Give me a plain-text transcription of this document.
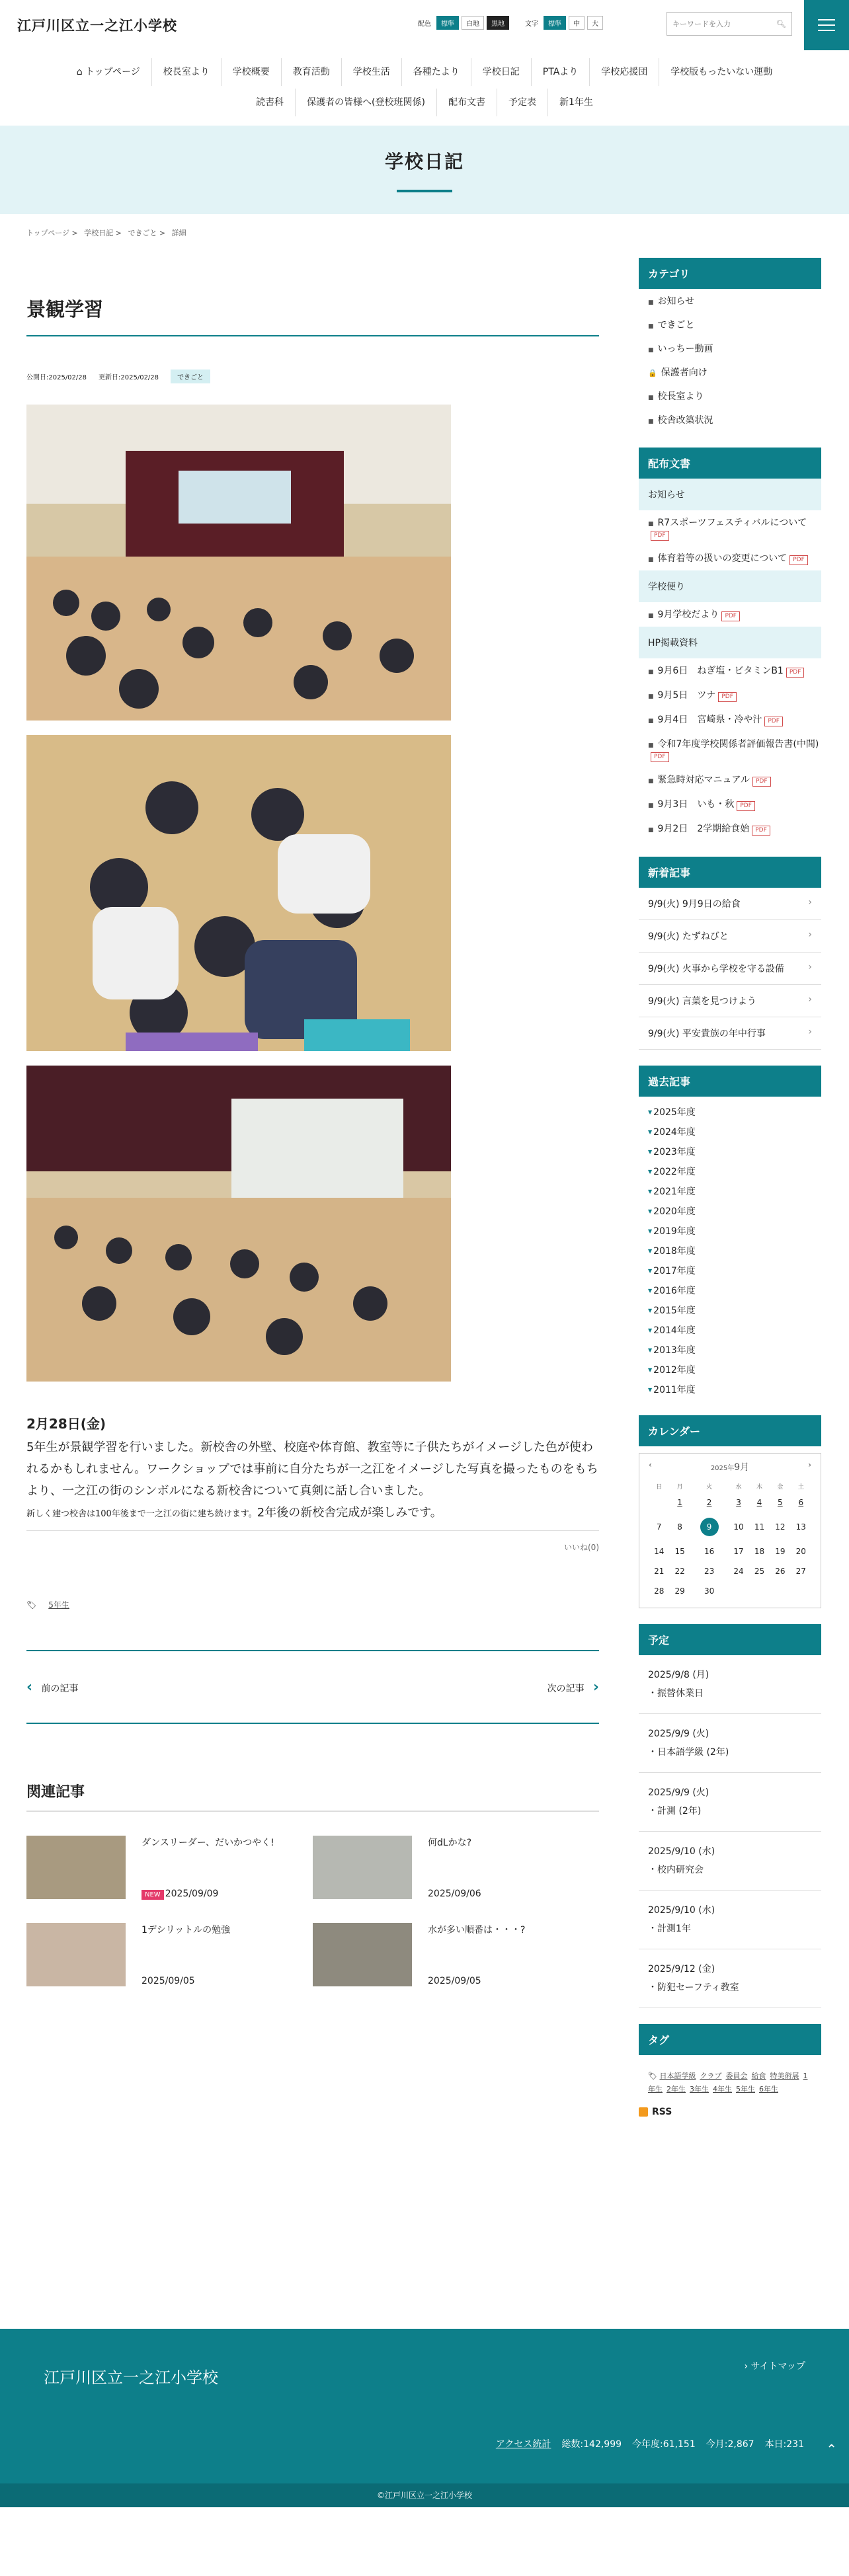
江戸川区立一之江小学校	配色	標準	白地	黒地	文字	標準	中	大
キーワードを入力	🔍︎
⌂ トップページ	校長室より	学校概要	教育活動	学校生活	各種たより	学校日記	PTAより	学校応援団	学校版もったいない運動
読書科	保護者の皆様へ(登校班関係)	配布文書	予定表	新1年生
学校日記
トップページ > 学校日記 > できごと > 詳細
景観学習
公開日:2025/02/28 更新日:2025/02/28	できごと
2月28日(金)

5年生が景観学習を行いました。新校舎の外壁、校庭や体育館、教室等に子供たちがイメージした色が使われるかもしれません。ワークショップでは事前に自分たちが一之江をイメージした写真を撮ったものをもちより、一之江の街のシンボルになる新校舎について真剣に話し合いました。

新しく建つ校舎は100年後まで一之江の街に建ち続けます。2年後の新校舎完成が楽しみです。

いいね(0)
🏷︎ 5年生
‹ 前の記事	次の記事 ›
関連記事
ダンスリーダー、だいかつやく!
NEW 2025/09/09
何dLかな?
2025/09/06
1デシリットルの勉強
2025/09/05
水が多い順番は・・・?
2025/09/05
カテゴリ
■ お知らせ
■ できごと
■ いっちー動画
🔒 保護者向け
■ 校長室より
■ 校舎改築状況
配布文書
お知らせ
■ R7スポーツフェスティバルについてPDF
■ 体育着等の扱いの変更について PDF
学校便り
■ 9月学校だより PDF
HP掲載資料
■ 9月6日　ねぎ塩・ビタミンB1 PDF
■ 9月5日　ツナ PDF
■ 9月4日　宮崎県・冷や汁 PDF
■ 令和7年度学校関係者評価報告書(中間)PDF
■ 緊急時対応マニュアル PDF
■ 9月3日　いも・秋 PDF
■ 9月2日　2学期給食始 PDF
新着記事
9/9(火) 9月9日の給食	›
9/9(火) たずねびと	›
9/9(火) 火事から学校を守る設備	›
9/9(火) 言葉を見つけよう	›
9/9(火) 平安貴族の年中行事	›
過去記事
▼ 2025年度
▼ 2024年度
▼ 2023年度
▼ 2022年度
▼ 2021年度
▼ 2020年度
▼ 2019年度
▼ 2018年度
▼ 2017年度
▼ 2016年度
▼ 2015年度
▼ 2014年度
▼ 2013年度
▼ 2012年度
▼ 2011年度
カレンダー
‹	2025年9月	›
日	月	火	水	木	金	土
	1	2	3	4	5	6
7	8	9	10	11	12	13
14	15	16	17	18	19	20
21	22	23	24	25	26	27
28	29	30				
予定
2025/9/8 (月)
・振替休業日
2025/9/9 (火)
・日本語学級 (2年)
2025/9/9 (火)
・計測 (2年)
2025/9/10 (水)
・校内研究会
2025/9/10 (水)
・計測1年
2025/9/12 (金)
・防犯セーフティ教室
タグ
🏷︎ 日本語学級 クラブ 委員会 給食 特美術展 1年生 2年生 3年生 4年生 5年生 6年生
RSS
江戸川区立一之江小学校
› サイトマップ
アクセス統計 総数:142,999 今年度:61,151 今月:2,867 本日:231 ⌃
©江戸川区立一之江小学校
